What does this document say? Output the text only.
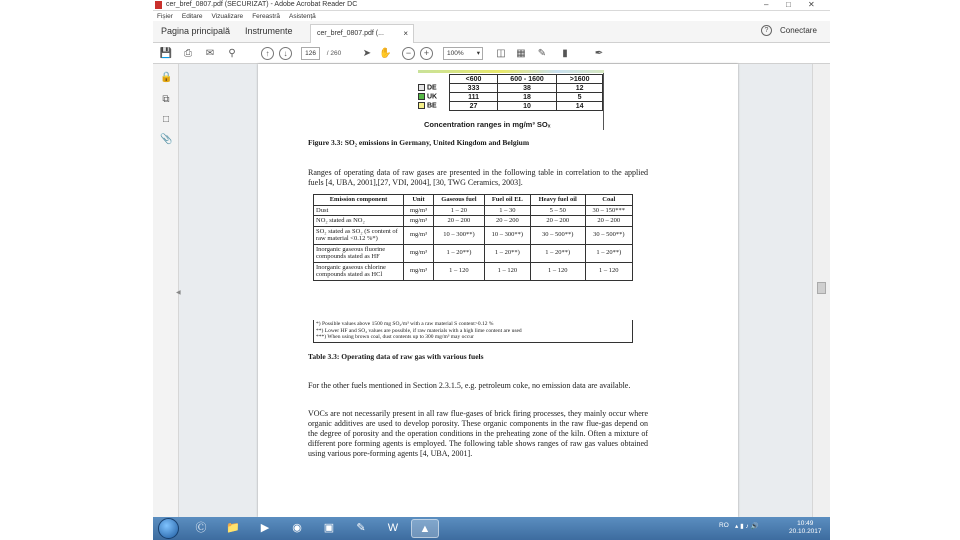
cer_bref_0807.pdf (SECURIZAT) - Adobe Acrobat Reader DC	– □ ✕
Fișier Editare Vizualizare Fereastră Asistență
Pagina principală Instrumente	cer_bref_0807.pdf (... ×	?	Conectare
💾	⎙	✉	⚲	↑	↓	126	/ 260	➤ ✋	−	+	100% ▾ ◫ ▦ ✎	▮	✒
🔒
⧉
□
📎
◀
	<600	600 - 1600	>1600
DE	333	38	12
UK	111	18	5
BE	27	10	14
Concentration ranges in mg/m³ SOₓ
Figure 3.3: SO₂ emissions in Germany, United Kingdom and Belgium
Ranges of operating data of raw gases are presented in the following table in correlation to the applied fuels [4, UBA, 2001],[27, VDI, 2004], [30, TWG Ceramics, 2003].
Emission component	Unit	Gaseous fuel	Fuel oil EL	Heavy fuel oil	Coal
Dust	mg/m³	1 – 20	1 – 30	5 – 50	30 – 150***
NO₂ stated as NO₂	mg/m³	20 – 200	20 – 200	20 – 200	20 – 200
SO₂ stated as SO₂ (S content of raw material <0.12 %*)	mg/m³	10 – 300**)	10 – 300**)	30 – 500**)	30 – 500**)
Inorganic gaseous fluorine compounds stated as HF	mg/m³	1 – 20**)	1 – 20**)	1 – 20**)	1 – 20**)
Inorganic gaseous chlorine compounds stated as HCl	mg/m³	1 – 120	1 – 120	1 – 120	1 – 120
*) Possible values above 1500 mg SO₂/m³ with a raw material S content>0.12 %
**) Lower HF and SO₂ values are possible, if raw materials with a high lime content are used
***) When using brown coal, dust contents up to 300 mg/m³ may occur
Table 3.3: Operating data of raw gas with various fuels
For the other fuels mentioned in Section 2.3.1.5, e.g. petroleum coke, no emission data are available.
VOCs are not necessarily present in all raw flue-gases of brick firing processes, they mainly occur where organic additives are used to develop porosity. These organic components in the raw flue-gas depend on the degree of porosity and the operation conditions in the preheating zone of the kiln. Often a mixture of different pore forming agents is employed. The following table shows ranges of raw gas values obtained using various pore-forming agents [4, UBA, 2001].
Ⓒ	📁	▶	◉	▣	✎	W	▲	RO ▴ ▮ ♪ 🔊	10:49
20.10.2017
